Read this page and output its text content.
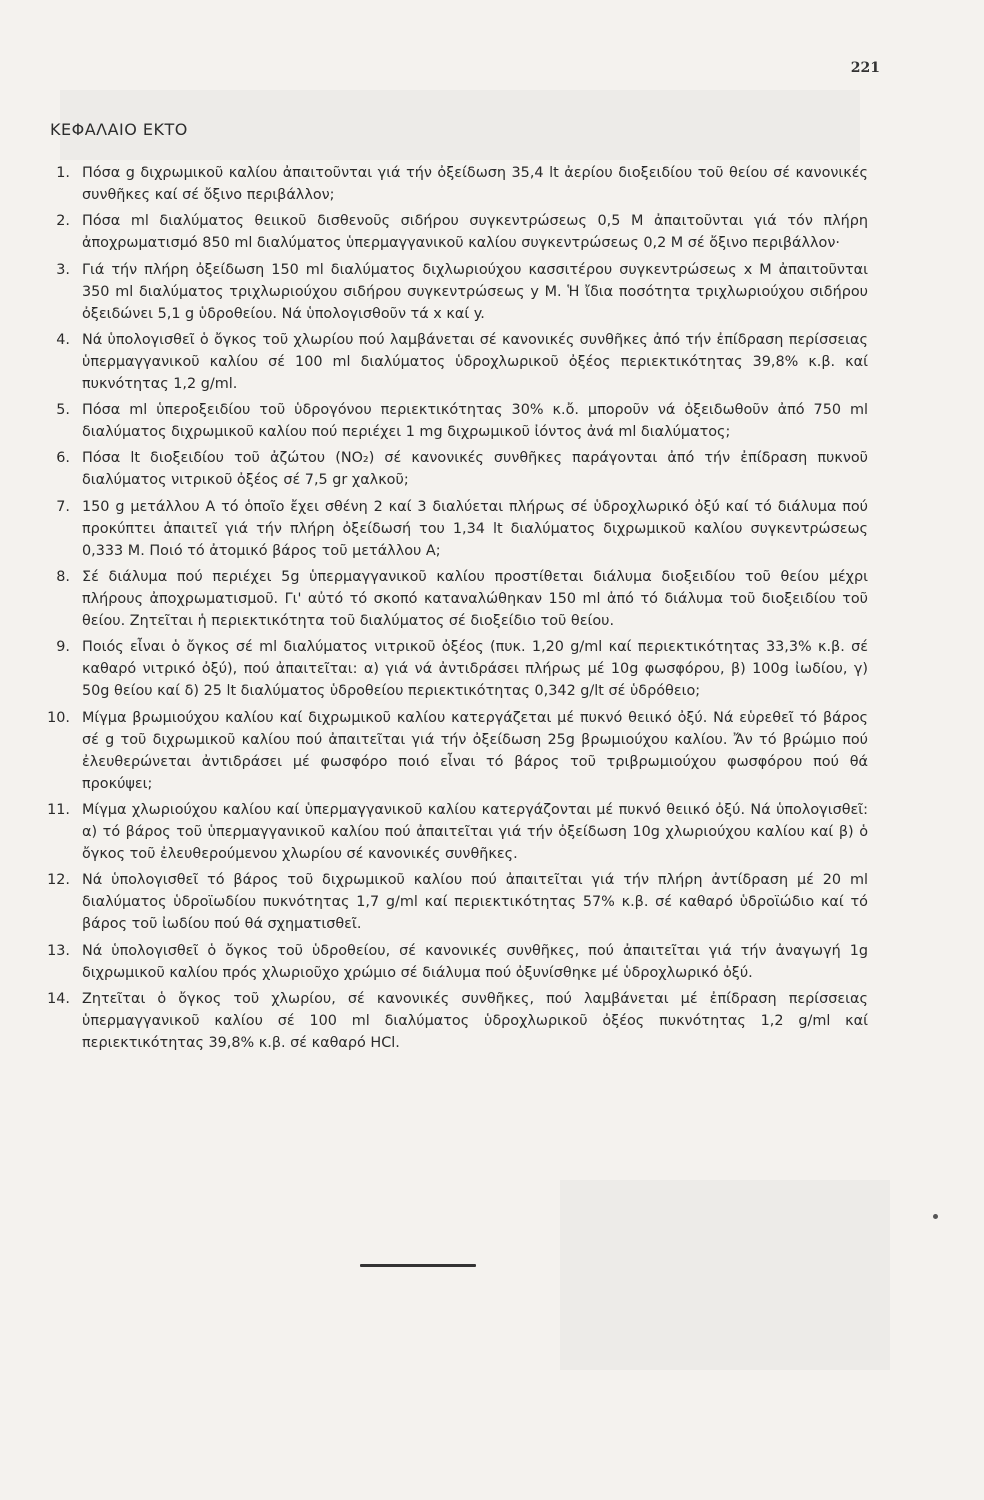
221
ΚΕΦΑΛΑΙΟ ΕΚΤΟ
1. Πόσα g διχρωμικοῦ καλίου ἀπαιτοῦνται γιά τήν ὀξείδωση 35,4 lt ἀερίου διοξειδίου τοῦ θείου σέ κανονικές συνθῆκες καί σέ ὄξινο περιβάλλον;
2. Πόσα ml διαλύματος θειικοῦ δισθενοῦς σιδήρου συγκεντρώσεως 0,5 M ἀπαιτοῦνται γιά τόν πλήρη ἀποχρωματισμό 850 ml διαλύματος ὑπερμαγγανικοῦ καλίου συγκεντρώσεως 0,2 M σέ ὄξινο περιβάλλον·
3. Γιά τήν πλήρη ὀξείδωση 150 ml διαλύματος διχλωριούχου κασσιτέρου συγκεντρώσεως x M ἀπαιτοῦνται 350 ml διαλύματος τριχλωριούχου σιδήρου συγκεντρώσεως y M. Ἡ ἴδια ποσότητα τριχλωριούχου σιδήρου ὀξειδώνει 5,1 g ὑδροθείου. Νά ὑπολογισθοῦν τά x καί y.
4. Νά ὑπολογισθεῖ ὁ ὄγκος τοῦ χλωρίου πού λαμβάνεται σέ κανονικές συνθῆκες ἀπό τήν ἐπίδραση περίσσειας ὑπερμαγγανικοῦ καλίου σέ 100 ml διαλύματος ὑδροχλωρικοῦ ὀξέος περιεκτικότητας 39,8% κ.β. καί πυκνότητας 1,2 g/ml.
5. Πόσα ml ὑπεροξειδίου τοῦ ὑδρογόνου περιεκτικότητας 30% κ.ὄ. μποροῦν νά ὀξειδωθοῦν ἀπό 750 ml διαλύματος διχρωμικοῦ καλίου πού περιέχει 1 mg διχρωμικοῦ ἰόντος ἀνά ml διαλύματος;
6. Πόσα lt διοξειδίου τοῦ ἀζώτου (NO₂) σέ κανονικές συνθῆκες παράγονται ἀπό τήν ἐπίδραση πυκνοῦ διαλύματος νιτρικοῦ ὀξέος σέ 7,5 gr χαλκοῦ;
7. 150 g μετάλλου A τό ὁποῖο ἔχει σθένη 2 καί 3 διαλύεται πλήρως σέ ὑδροχλωρικό ὀξύ καί τό διάλυμα πού προκύπτει ἀπαιτεῖ γιά τήν πλήρη ὀξείδωσή του 1,34 lt διαλύματος διχρωμικοῦ καλίου συγκεντρώσεως 0,333 M. Ποιό τό ἀτομικό βάρος τοῦ μετάλλου A;
8. Σέ διάλυμα πού περιέχει 5g ὑπερμαγγανικοῦ καλίου προστίθεται διάλυμα διοξειδίου τοῦ θείου μέχρι πλήρους ἀποχρωματισμοῦ. Γι' αὐτό τό σκοπό καταναλώθηκαν 150 ml ἀπό τό διάλυμα τοῦ διοξειδίου τοῦ θείου. Ζητεῖται ἡ περιεκτικότητα τοῦ διαλύματος σέ διοξείδιο τοῦ θείου.
9. Ποιός εἶναι ὁ ὄγκος σέ ml διαλύματος νιτρικοῦ ὀξέος (πυκ. 1,20 g/ml καί περιεκτικότητας 33,3% κ.β. σέ καθαρό νιτρικό ὀξύ), πού ἀπαιτεῖται: α) γιά νά ἀντιδράσει πλήρως μέ 10g φωσφόρου, β) 100g ἰωδίου, γ) 50g θείου καί δ) 25 lt διαλύματος ὑδροθείου περιεκτικότητας 0,342 g/lt σέ ὑδρόθειο;
10. Μίγμα βρωμιούχου καλίου καί διχρωμικοῦ καλίου κατεργάζεται μέ πυκνό θειικό ὀξύ. Νά εὑρεθεῖ τό βάρος σέ g τοῦ διχρωμικοῦ καλίου πού ἀπαιτεῖται γιά τήν ὀξείδωση 25g βρωμιούχου καλίου. Ἄν τό βρώμιο πού ἐλευθερώνεται ἀντιδράσει μέ φωσφόρο ποιό εἶναι τό βάρος τοῦ τριβρωμιούχου φωσφόρου πού θά προκύψει;
11. Μίγμα χλωριούχου καλίου καί ὑπερμαγγανικοῦ καλίου κατεργάζονται μέ πυκνό θειικό ὀξύ. Νά ὑπολογισθεῖ: α) τό βάρος τοῦ ὑπερμαγγανικοῦ καλίου πού ἀπαιτεῖται γιά τήν ὀξείδωση 10g χλωριούχου καλίου καί β) ὁ ὄγκος τοῦ ἐλευθερούμενου χλωρίου σέ κανονικές συνθῆκες.
12. Νά ὑπολογισθεῖ τό βάρος τοῦ διχρωμικοῦ καλίου πού ἀπαιτεῖται γιά τήν πλήρη ἀντίδραση μέ 20 ml διαλύματος ὑδροϊωδίου πυκνότητας 1,7 g/ml καί περιεκτικότητας 57% κ.β. σέ καθαρό ὑδροϊώδιο καί τό βάρος τοῦ ἰωδίου πού θά σχηματισθεῖ.
13. Νά ὑπολογισθεῖ ὁ ὄγκος τοῦ ὑδροθείου, σέ κανονικές συνθῆκες, πού ἀπαιτεῖται γιά τήν ἀναγωγή 1g διχρωμικοῦ καλίου πρός χλωριοῦχο χρώμιο σέ διάλυμα πού ὀξυνίσθηκε μέ ὑδροχλωρικό ὀξύ.
14. Ζητεῖται ὁ ὄγκος τοῦ χλωρίου, σέ κανονικές συνθῆκες, πού λαμβάνεται μέ ἐπίδραση περίσσειας ὑπερμαγγανικοῦ καλίου σέ 100 ml διαλύματος ὑδροχλωρικοῦ ὀξέος πυκνότητας 1,2 g/ml καί περιεκτικότητας 39,8% κ.β. σέ καθαρό HCl.
